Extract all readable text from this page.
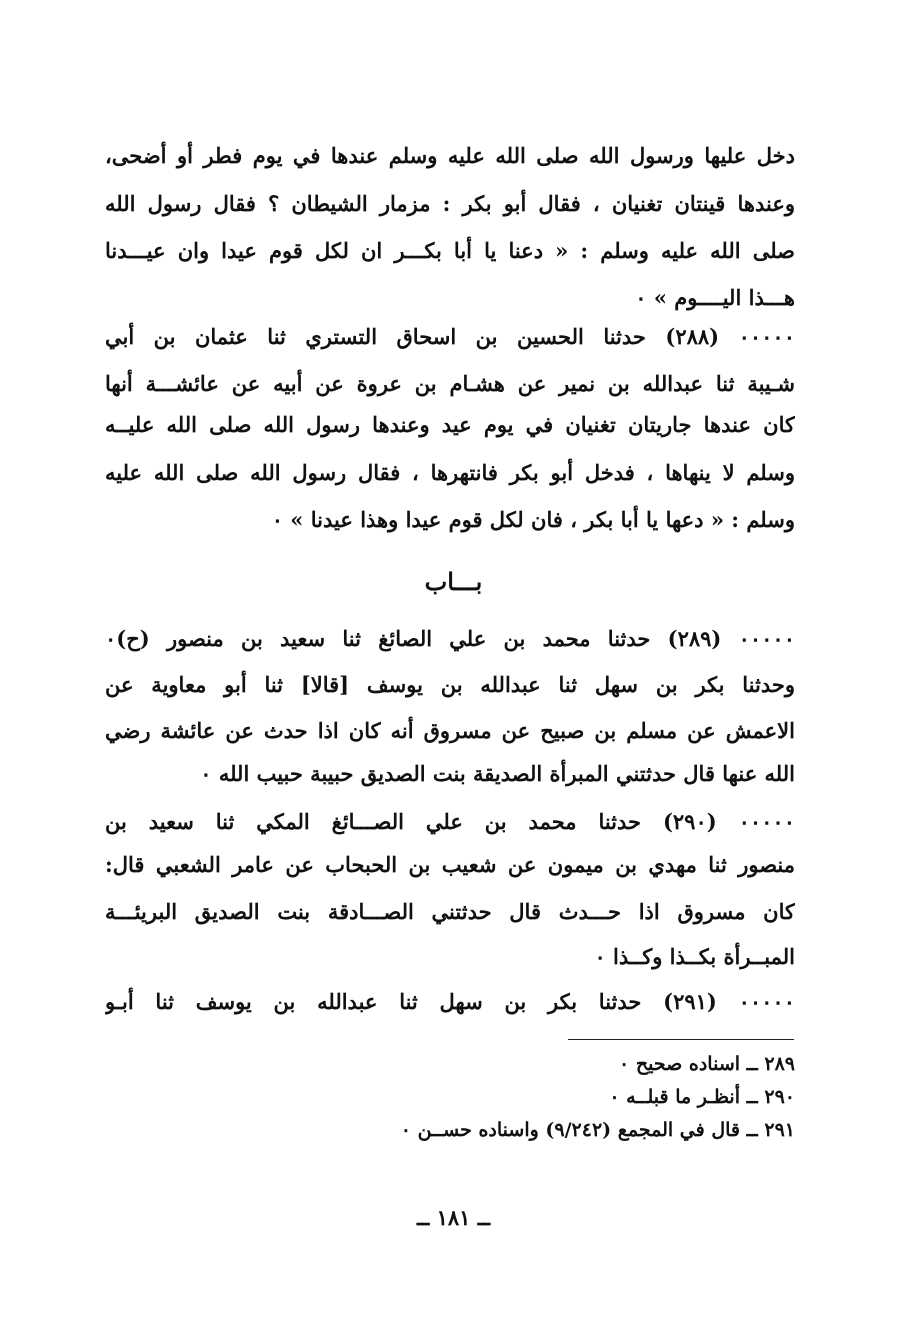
دخل عليها ورسول الله صلى الله عليه وسلم عندها في يوم فطر أو أضحى،
وعندها قينتان تغنيان ، فقال أبو بكر : مزمار الشيطان ؟ فقال رسول الله
صلى الله عليه وسلم : « دعنا يا أبا بكـــر ان لكل قوم عيدا وان عيـــدنا
هـــذا اليــــوم » ٠
٠٠٠٠٠ (٢٨٨) حدثنا الحسين بن اسحاق التستري ثنا عثمان بن أبي
شـيبة ثنا عبدالله بن نمير عن هشـام بن عروة عن أبيه عن عائشـــة أنها
كان عندها جاريتان تغنيان في يوم عيد وعندها رسول الله صلى الله عليــه
وسلم لا ينهاها ، فدخل أبو بكر فانتهرها ، فقال رسول الله صلى الله عليه
وسلم : « دعها يا أبا بكر ، فان لكل قوم عيدا وهذا عيدنا » ٠
بـــاب
٠٠٠٠٠ (٢٨٩) حدثنا محمد بن علي الصائغ ثنا سعيد بن منصور (ح)٠
وحدثنا بكر بن سهل ثنا عبدالله بن يوسف [قالا] ثنا أبو معاوية عن
الاعمش عن مسلم بن صبيح عن مسروق أنه كان اذا حدث عن عائشة رضي
الله عنها قال حدثتني المبرأة الصديقة بنت الصديق حبيبة حبيب الله ٠
٠٠٠٠٠ (٢٩٠) حدثنا محمد بن علي الصـــائغ المكي ثنا سعيد بن
منصور ثنا مهدي بن ميمون عن شعيب بن الحبحاب عن عامر الشعبي قال:
كان مسروق اذا حـــدث قال حدثتني الصـــادقة بنت الصديق البريئـــة
المبــرأة بكــذا وكــذا ٠
٠٠٠٠٠ (٢٩١) حدثنا بكر بن سهل ثنا عبدالله بن يوسف ثنا أبـو
٢٨٩ ــ اسناده صحيح ٠
٢٩٠ ــ أنظـر ما قبلــه ٠
٢٩١ ــ قال في المجمع (٩/٢٤٢) واسناده حســن ٠
ــ ١٨١ ــ
